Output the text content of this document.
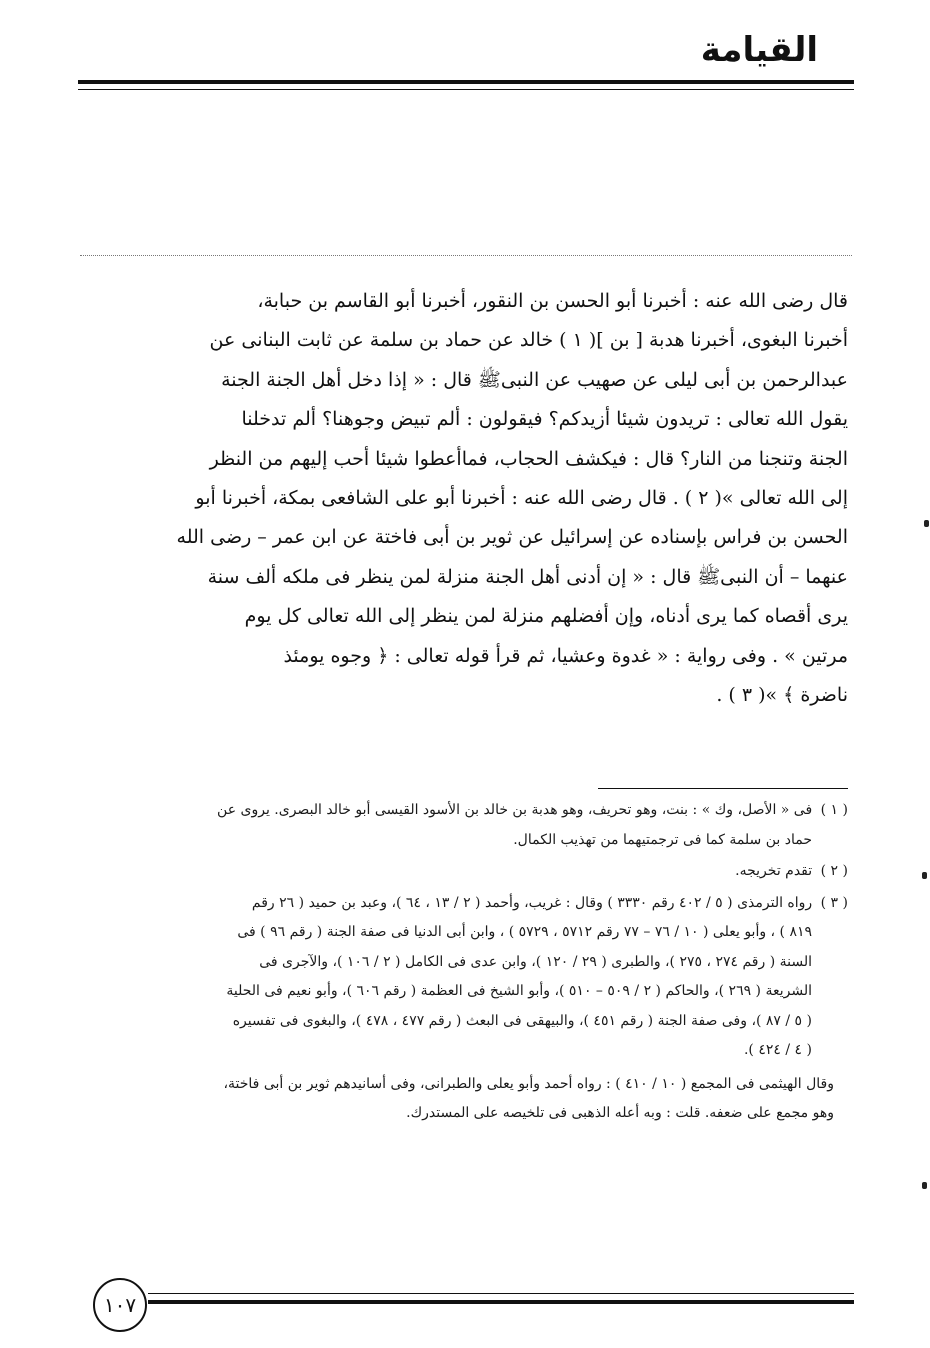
القيامة

قال رضى الله عنه : أخبرنا أبو الحسن بن النقور، أخبرنا أبو القاسم بن حبابة،

أخبرنا البغوى، أخبرنا هدبة [ بن ]( ١ ) خالد عن حماد بن سلمة عن ثابت البنانى عن

عبدالرحمن بن أبى ليلى عن صهيب عن النبىﷺ قال : « إذا دخل أهل الجنة الجنة

يقول الله تعالى : تريدون شيئا أزيدكم؟ فيقولون : ألم تبيض وجوهنا؟ ألم تدخلنا

الجنة وتنجنا من النار؟ قال : فيكشف الحجاب، فماأعطوا شيئا أحب إليهم من النظر

إلى الله تعالى »( ٢ ) . قال رضى الله عنه : أخبرنا أبو على الشافعى بمكة، أخبرنا أبو

الحسن بن فراس بإسناده عن إسرائيل عن ثوير بن أبى فاختة عن ابن عمر – رضى الله

عنهما – أن النبىﷺ قال : « إن أدنى أهل الجنة منزلة لمن ينظر فى ملكه ألف سنة

يرى أقصاه كما يرى أدناه، وإن أفضلهم منزلة لمن ينظر إلى الله تعالى كل يوم

مرتين » . وفى رواية : « غدوة وعشيا، ثم قرأ قوله تعالى : ﴿ وجوه يومئذ

ناضرة ﴾ »( ٣ ) .

( ١ ) فى « الأصل، وك » : بنت، وهو تحريف، وهو هدبة بن خالد بن الأسود القيسى أبو خالد البصرى. يروى عن
حماد بن سلمة كما فى ترجمتيهما من تهذيب الكمال.
( ٢ ) تقدم تخريجه.
( ٣ ) رواه الترمذى ( ٥ / ٤٠٢ رقم ٣٣٣٠ ) وقال : غريب، وأحمد ( ٢ / ١٣ ، ٦٤ )، وعبد بن حميد ( ٢٦ رقم
٨١٩ ) ، وأبو يعلى ( ١٠ / ٧٦ – ٧٧ رقم ٥٧١٢ ، ٥٧٢٩ ) ، وابن أبى الدنيا فى صفة الجنة ( رقم ٩٦ ) فى
السنة ( رقم ٢٧٤ ، ٢٧٥ )، والطبرى ( ٢٩ / ١٢٠ )، وابن عدى فى الكامل ( ٢ / ١٠٦ )، والآجرى فى
الشريعة ( ٢٦٩ )، والحاكم ( ٢ / ٥٠٩ – ٥١٠ )، وأبو الشيخ فى العظمة ( رقم ٦٠٦ )، وأبو نعيم فى الحلية
( ٥ / ٨٧ )، وفى صفة الجنة ( رقم ٤٥١ )، والبيهقى فى البعث ( رقم ٤٧٧ ، ٤٧٨ )، والبغوى فى تفسيره
( ٤ / ٤٢٤ ).
وقال الهيثمى فى المجمع ( ١٠ / ٤١٠ ) : رواه أحمد وأبو يعلى والطبرانى، وفى أسانيدهم ثوير بن أبى فاختة،
وهو مجمع على ضعفه. قلت : وبه أعله الذهبى فى تلخيصه على المستدرك.
١٠٧
